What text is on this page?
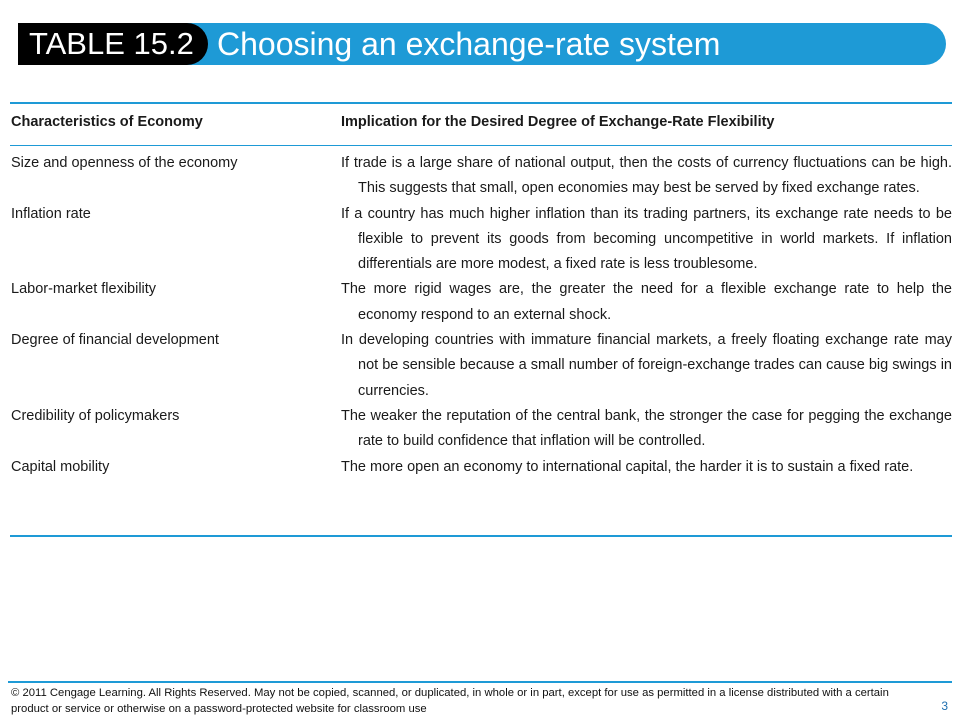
TABLE 15.2 Choosing an exchange-rate system
Characteristics of Economy	Implication for the Desired Degree of Exchange-Rate Flexibility
Size and openness of the economy	If trade is a large share of national output, then the costs of currency fluctuations can be high. This suggests that small, open economies may best be served by fixed exchange rates.
Inflation rate	If a country has much higher inflation than its trading partners, its exchange rate needs to be flexible to prevent its goods from becoming uncompetitive in world markets. If inflation differentials are more modest, a fixed rate is less troublesome.
Labor-market flexibility	The more rigid wages are, the greater the need for a flexible exchange rate to help the economy respond to an external shock.
Degree of financial development	In developing countries with immature financial markets, a freely floating exchange rate may not be sensible because a small number of foreign-exchange trades can cause big swings in currencies.
Credibility of policymakers	The weaker the reputation of the central bank, the stronger the case for pegging the exchange rate to build confidence that inflation will be controlled.
Capital mobility	The more open an economy to international capital, the harder it is to sustain a fixed rate.
© 2011 Cengage Learning. All Rights Reserved. May not be copied, scanned, or duplicated, in whole or in part, except for use as permitted in a license distributed with a certain product or service or otherwise on a password-protected website for classroom use	3
